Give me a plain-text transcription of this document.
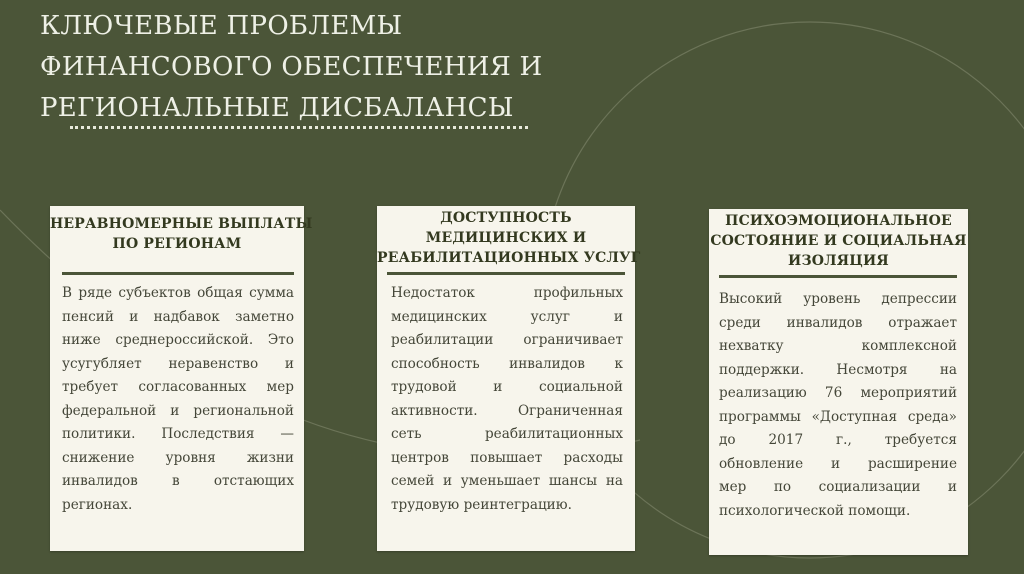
КЛЮЧЕВЫЕ ПРОБЛЕМЫ
ФИНАНСОВОГО ОБЕСПЕЧЕНИЯ И
РЕГИОНАЛЬНЫЕ ДИСБАЛАНСЫ
НЕРАВНОМЕРНЫЕ ВЫПЛАТЫ
ПО РЕГИОНАМ
В ряде субъектов общая сумма
пенсий и надбавок заметно
ниже среднероссийской. Это
усугубляет неравенство и
требует согласованных мер
федеральной и региональной
политики. Последствия —
снижение уровня жизни
инвалидов в отстающих
регионах.
ДОСТУПНОСТЬ
МЕДИЦИНСКИХ И
РЕАБИЛИТАЦИОННЫХ УСЛУГ
Недостаток профильных
медицинских услуг и
реабилитации ограничивает
способность инвалидов к
трудовой и социальной
активности. Ограниченная
сеть реабилитационных
центров повышает расходы
семей и уменьшает шансы на
трудовую реинтеграцию.
ПСИХОЭМОЦИОНАЛЬНОЕ
СОСТОЯНИЕ И СОЦИАЛЬНАЯ
ИЗОЛЯЦИЯ
Высокий уровень депрессии
среди инвалидов отражает
нехватку комплексной
поддержки. Несмотря на
реализацию 76 мероприятий
программы «Доступная среда»
до 2017 г., требуется
обновление и расширение
мер по социализации и
психологической помощи.
